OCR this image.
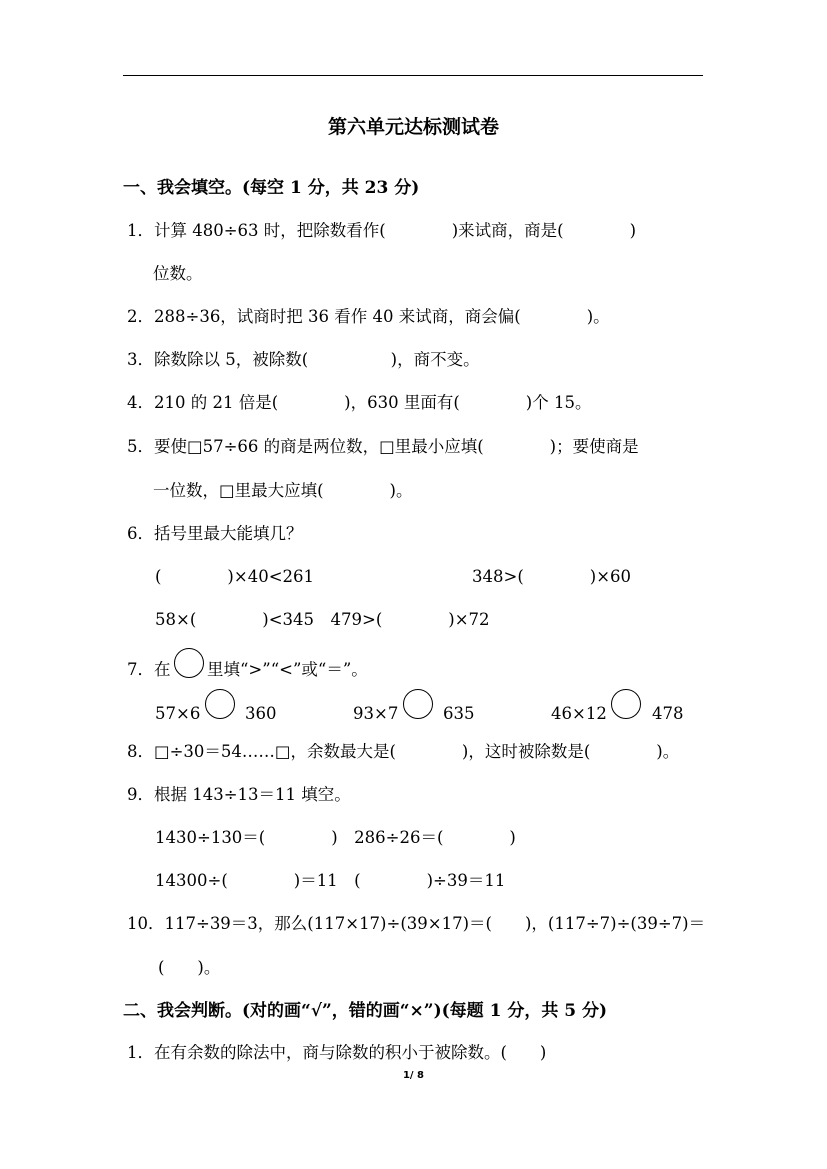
第六单元达标测试卷
一、我会填空。(每空 1 分，共 23 分)
1．计算 480÷63 时，把除数看作(　　　　)来试商，商是(　　　　)
位数。
2．288÷36，试商时把 36 看作 40 来试商，商会偏(　　　　)。
3．除数除以 5，被除数(　　　　　)，商不变。
4．210 的 21 倍是(　　　　)，630 里面有(　　　　)个 15。
5．要使□57÷66 的商是两位数，□里最小应填(　　　　)；要使商是
一位数，□里最大应填(　　　　)。
6．括号里最大能填几？
(　　　　)×40<261	348>(　　　　)×60
58×(　　　　)<345　479>(　　　　)×72
7．在 里填“>”“<”或“＝”。
57×6	360	93×7	635	46×12	478
8．□÷30＝54……□，余数最大是(　　　　)，这时被除数是(　　　　)。
9．根据 143÷13＝11 填空。
1430÷130＝(　　　　)　286÷26＝(　　　　)
14300÷(　　　　)＝11　(　　　　)÷39＝11
10．117÷39＝3，那么(117×17)÷(39×17)＝(　　)，(117÷7)÷(39÷7)＝
(　　)。
二、我会判断。(对的画“√”，错的画“×”)(每题 1 分，共 5 分)
1．在有余数的除法中，商与除数的积小于被除数。(　　)
1/ 8
